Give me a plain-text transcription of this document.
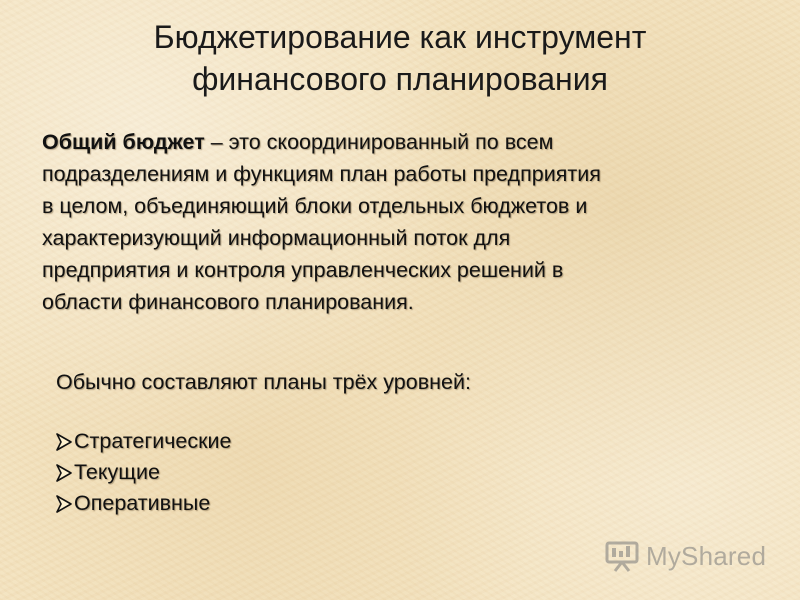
Бюджетирование как инструмент
финансового планирования
Общий бюджет – это скоординированный по всем
подразделениям и функциям план работы предприятия
в целом, объединяющий блоки отдельных бюджетов и
характеризующий информационный поток для
предприятия и контроля управленческих решений в
области финансового планирования.

Обычно составляют планы трёх уровней:

Стратегические
Текущие
Оперативные
MyShared
